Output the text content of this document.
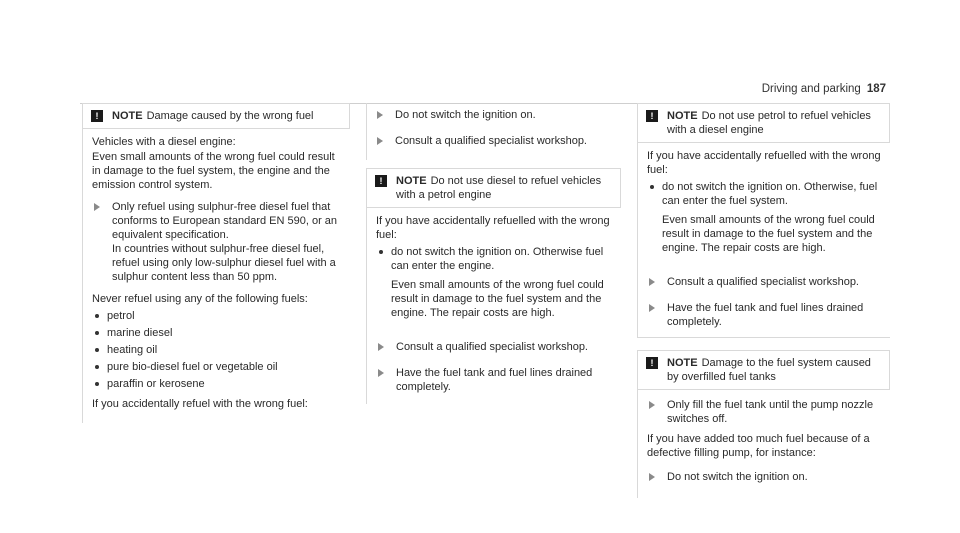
Driving and parking 187
!	NOTE Damage caused by the wrong fuel

Vehicles with a diesel engine:

Even small amounts of the wrong fuel could result in damage to the fuel system, the engine and the emission control system.

Only refuel using sulphur-free diesel fuel that conforms to European standard EN 590, or an equivalent specification.
In countries without sulphur-free diesel fuel, refuel using only low-sulphur diesel fuel with a sulphur content less than 50 ppm.

Never refuel using any of the following fuels:

petrol
marine diesel
heating oil
pure bio-diesel fuel or vegetable oil
paraffin or kerosene

If you accidentally refuel with the wrong fuel:

Do not switch the ignition on.
Consult a qualified specialist workshop.
!	NOTE Do not use diesel to refuel vehicles with a petrol engine

If you have accidentally refuelled with the wrong fuel:

do not switch the ignition on. Otherwise fuel can enter the engine.
Even small amounts of the wrong fuel could result in damage to the fuel system and the engine. The repair costs are high.
Consult a qualified specialist workshop.
Have the fuel tank and fuel lines drained completely.
!	NOTE Do not use petrol to refuel vehicles with a diesel engine

If you have accidentally refuelled with the wrong fuel:

do not switch the ignition on. Otherwise, fuel can enter the fuel system.
Even small amounts of the wrong fuel could result in damage to the fuel system and the engine. The repair costs are high.
Consult a qualified specialist workshop.
Have the fuel tank and fuel lines drained completely.
!	NOTE Damage to the fuel system caused by overfilled fuel tanks
Only fill the fuel tank until the pump nozzle switches off.

If you have added too much fuel because of a defective filling pump, for instance:

Do not switch the ignition on.
